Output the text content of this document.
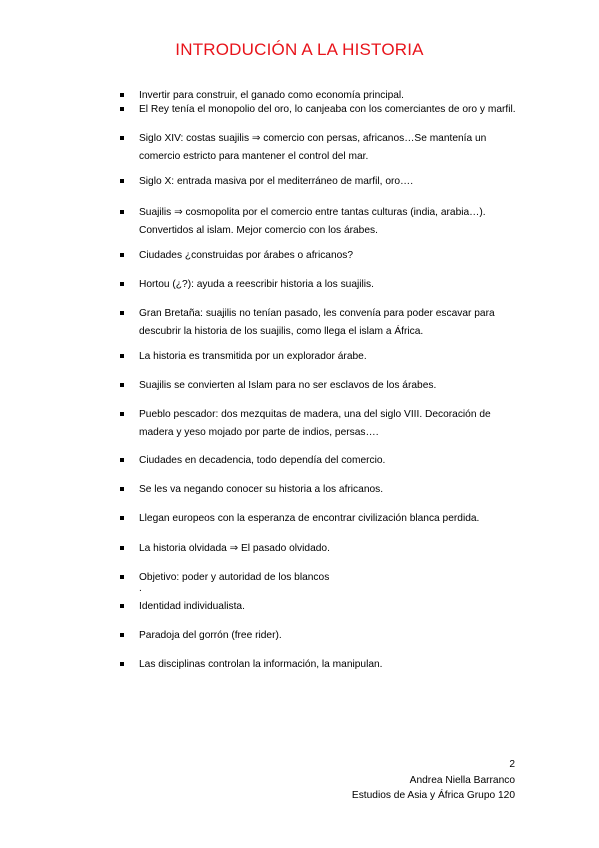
INTRODUCIÓN A LA HISTORIA
Invertir para construir, el ganado como economía principal.
El Rey tenía el monopolio del oro, lo canjeaba con los comerciantes de oro y marfil.
Siglo XIV: costas suajilis ⇒ comercio con persas, africanos…Se mantenía un
comercio estricto para mantener el control del mar.
Siglo X: entrada masiva por el mediterráneo de marfil, oro….
Suajilis ⇒ cosmopolita por el comercio entre tantas culturas (india, arabia…).
Convertidos al islam. Mejor comercio con los árabes.
Ciudades ¿construidas por árabes o africanos?
Hortou (¿?): ayuda a reescribir historia a los suajilis.
Gran Bretaña: suajilis no tenían pasado, les convenía para poder escavar para
descubrir la historia de los suajilis, como llega el islam a África.
La historia es transmitida por un explorador árabe.
Suajilis se convierten al Islam para no ser esclavos de los árabes.
Pueblo pescador: dos mezquitas de madera, una del siglo VIII. Decoración de
madera y yeso mojado por parte de indios, persas….
Ciudades en decadencia, todo dependía del comercio.
Se les va negando conocer su historia a los africanos.
Llegan europeos con la esperanza de encontrar civilización blanca perdida.
La historia olvidada ⇒ El pasado olvidado.
Objetivo: poder y autoridad de los blancos
Identidad individualista.
Paradoja del gorrón (free rider).
Las disciplinas controlan la información, la manipulan.
.
2
Andrea Niella Barranco
Estudios de Asia y África Grupo 120
